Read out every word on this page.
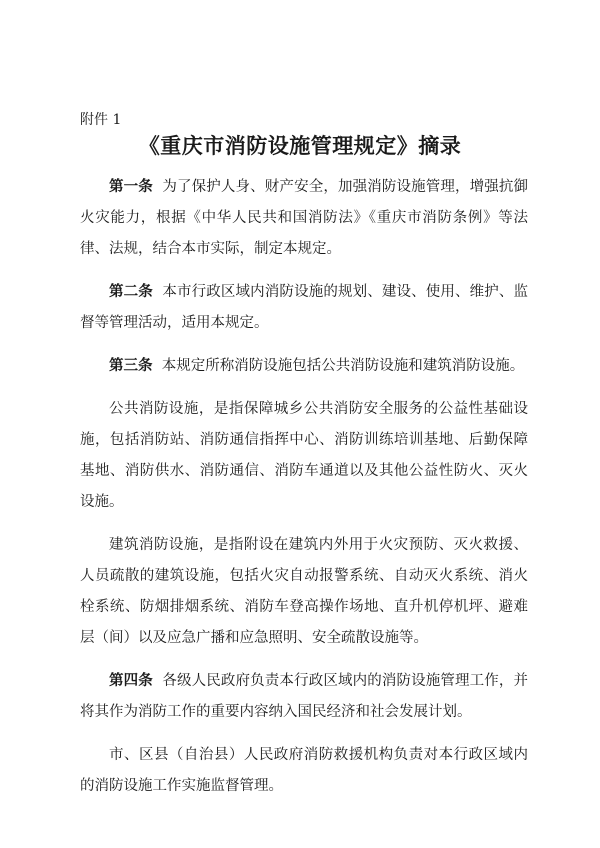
附件 1
《重庆市消防设施管理规定》摘录

第一条 为了保护人身、财产安全，加强消防设施管理，增强抗御火灾能力，根据《中华人民共和国消防法》《重庆市消防条例》等法律、法规，结合本市实际，制定本规定。

第二条 本市行政区域内消防设施的规划、建设、使用、维护、监督等管理活动，适用本规定。

第三条 本规定所称消防设施包括公共消防设施和建筑消防设施。

公共消防设施，是指保障城乡公共消防安全服务的公益性基础设施，包括消防站、消防通信指挥中心、消防训练培训基地、后勤保障基地、消防供水、消防通信、消防车通道以及其他公益性防火、灭火设施。

建筑消防设施，是指附设在建筑内外用于火灾预防、灭火救援、人员疏散的建筑设施，包括火灾自动报警系统、自动灭火系统、消火栓系统、防烟排烟系统、消防车登高操作场地、直升机停机坪、避难层（间）以及应急广播和应急照明、安全疏散设施等。

第四条 各级人民政府负责本行政区域内的消防设施管理工作，并将其作为消防工作的重要内容纳入国民经济和社会发展计划。

市、区县（自治县）人民政府消防救援机构负责对本行政区域内的消防设施工作实施监督管理。
